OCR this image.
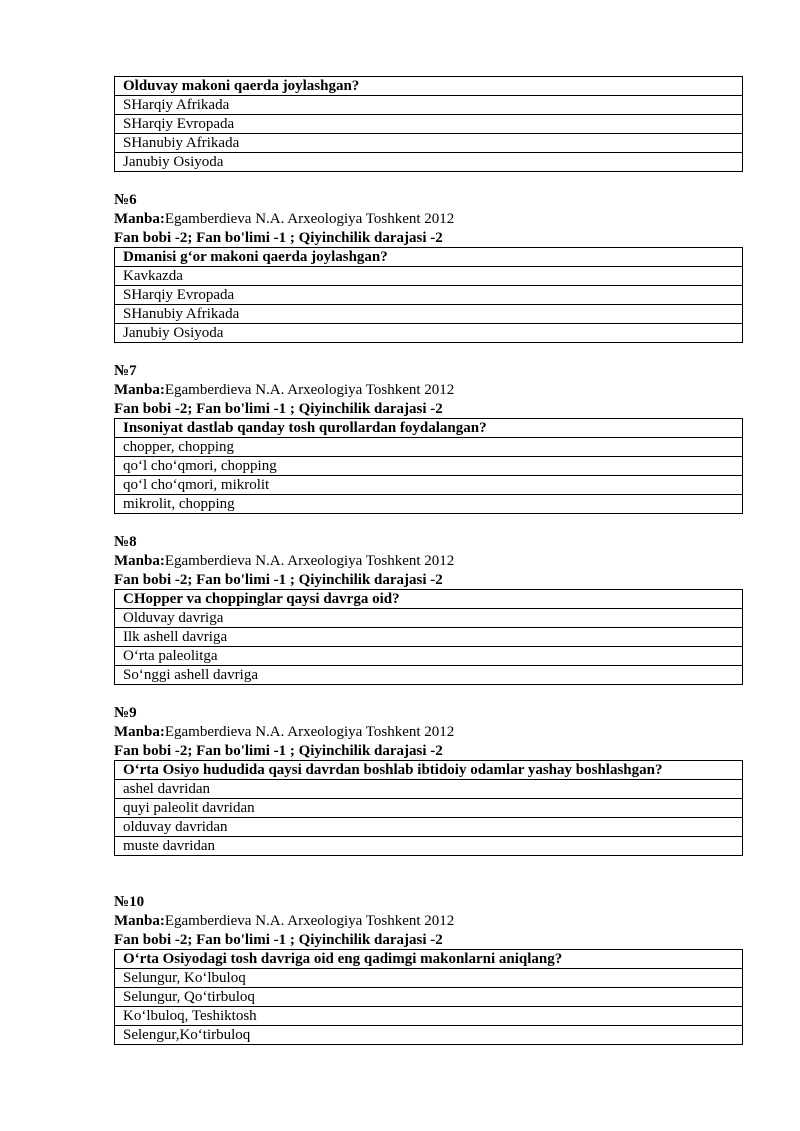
Olduvay makoni qaerda joylashgan?
SHarqiy Afrikada
SHarqiy Evropada
SHanubiy Afrikada
Janubiy Osiyoda
№6
Manba:Egamberdieva N.A. Arxeologiya Toshkent 2012
Fan bobi -2; Fan bo'limi -1 ; Qiyinchilik darajasi -2
Dmanisi g‘or makoni qaerda joylashgan?
Kavkazda
SHarqiy Evropada
SHanubiy Afrikada
Janubiy Osiyoda
№7
Manba:Egamberdieva N.A. Arxeologiya Toshkent 2012
Fan bobi -2; Fan bo'limi -1 ; Qiyinchilik darajasi -2
Insoniyat dastlab qanday tosh qurollardan foydalangan?
chopper, chopping
qo‘l cho‘qmori, chopping
qo‘l cho‘qmori, mikrolit
mikrolit, chopping
№8
Manba:Egamberdieva N.A. Arxeologiya Toshkent 2012
Fan bobi -2; Fan bo'limi -1 ; Qiyinchilik darajasi -2
CHopper va choppinglar qaysi davrga oid?
Olduvay davriga
Ilk ashell davriga
O‘rta paleolitga
So‘nggi ashell davriga
№9
Manba:Egamberdieva N.A. Arxeologiya Toshkent 2012
Fan bobi -2; Fan bo'limi -1 ; Qiyinchilik darajasi -2
O‘rta Osiyo hududida qaysi davrdan boshlab ibtidoiy odamlar yashay boshlashgan?
ashel davridan
quyi paleolit davridan
olduvay davridan
muste davridan
№10
Manba:Egamberdieva N.A. Arxeologiya Toshkent 2012
Fan bobi -2; Fan bo'limi -1 ; Qiyinchilik darajasi -2
O‘rta Osiyodagi tosh davriga oid eng qadimgi makonlarni aniqlang?
Selungur, Ko‘lbuloq
Selungur, Qo‘tirbuloq
Ko‘lbuloq, Teshiktosh
Selengur,Ko‘tirbuloq
